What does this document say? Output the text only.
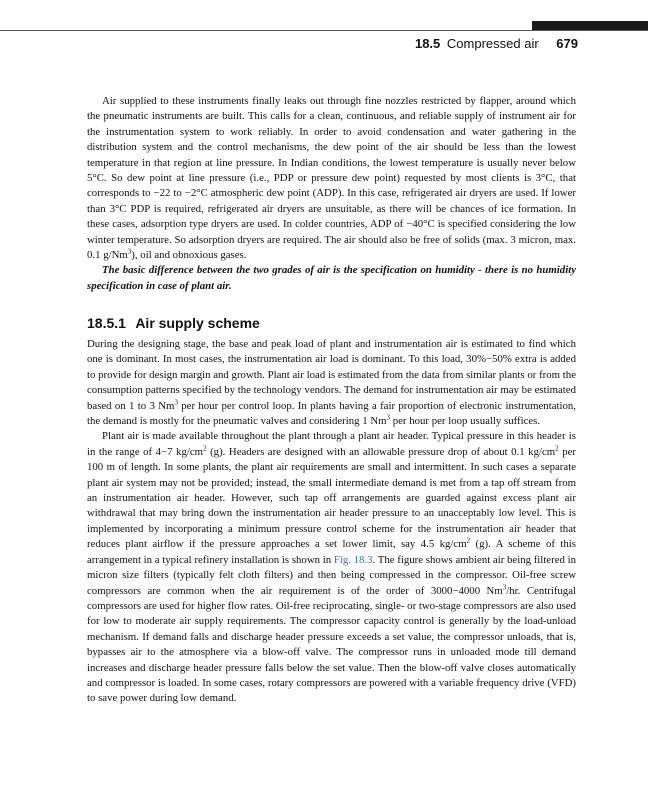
18.5 Compressed air 679

Air supplied to these instruments finally leaks out through fine nozzles restricted by flapper, around which the pneumatic instruments are built. This calls for a clean, continuous, and reliable supply of instrument air for the instrumentation system to work reliably. In order to avoid condensation and water gathering in the distribution system and the control mechanisms, the dew point of the air should be less than the lowest temperature in that region at line pressure. In Indian conditions, the lowest temperature is usually never below 5°C. So dew point at line pressure (i.e., PDP or pressure dew point) requested by most clients is 3°C, that corresponds to −22 to −2°C atmospheric dew point (ADP). In this case, refrigerated air dryers are used. If lower than 3°C PDP is required, refrigerated air dryers are unsuitable, as there will be chances of ice formation. In these cases, adsorption type dryers are used. In colder countries, ADP of −40°C is specified considering the low winter temperature. So adsorption dryers are required. The air should also be free of solids (max. 3 micron, max. 0.1 g/Nm$^3$), oil and obnoxious gases.

The basic difference between the two grades of air is the specification on humidity - there is no humidity specification in case of plant air.

18.5.1 Air supply scheme

During the designing stage, the base and peak load of plant and instrumentation air is estimated to find which one is dominant. In most cases, the instrumentation air load is dominant. To this load, 30%−50% extra is added to provide for design margin and growth. Plant air load is estimated from the data from similar plants or from the consumption patterns specified by the technology vendors. The demand for instrumentation air may be estimated based on 1 to 3 Nm$^3$ per hour per control loop. In plants having a fair proportion of electronic instrumentation, the demand is mostly for the pneumatic valves and considering 1 Nm$^3$ per hour per loop usually suffices.

Plant air is made available throughout the plant through a plant air header. Typical pressure in this header is in the range of 4−7 $kg/cm^2$ (g). Headers are designed with an allowable pressure drop of about 0.1 $kg/cm^2$ per 100 m of length. In some plants, the plant air requirements are small and intermittent. In such cases a separate plant air system may not be provided; instead, the small intermediate demand is met from a tap off stream from an instrumentation air header. However, such tap off arrangements are guarded against excess plant air withdrawal that may bring down the instrumentation air header pressure to an unacceptably low level. This is implemented by incorporating a minimum pressure control scheme for the instrumentation air header that reduces plant airflow if the pressure approaches a set lower limit, say 4.5 $kg/cm^2$ (g). A scheme of this arrangement in a typical refinery installation is shown in Fig. 18.3. The figure shows ambient air being filtered in micron size filters (typically felt cloth filters) and then being compressed in the compressor. Oil-free screw compressors are common when the air requirement is of the order of 3000−4000 Nm$^3$/hr. Centrifugal compressors are used for higher flow rates. Oil-free reciprocating, single- or two-stage compressors are also used for low to moderate air supply requirements. The compressor capacity control is generally by the load-unload mechanism. If demand falls and discharge header pressure exceeds a set value, the compressor unloads, that is, bypasses air to the atmosphere via a blow-off valve. The compressor runs in unloaded mode till demand increases and discharge header pressure falls below the set value. Then the blow-off valve closes automatically and compressor is loaded. In some cases, rotary compressors are powered with a variable frequency drive (VFD) to save power during low demand.
